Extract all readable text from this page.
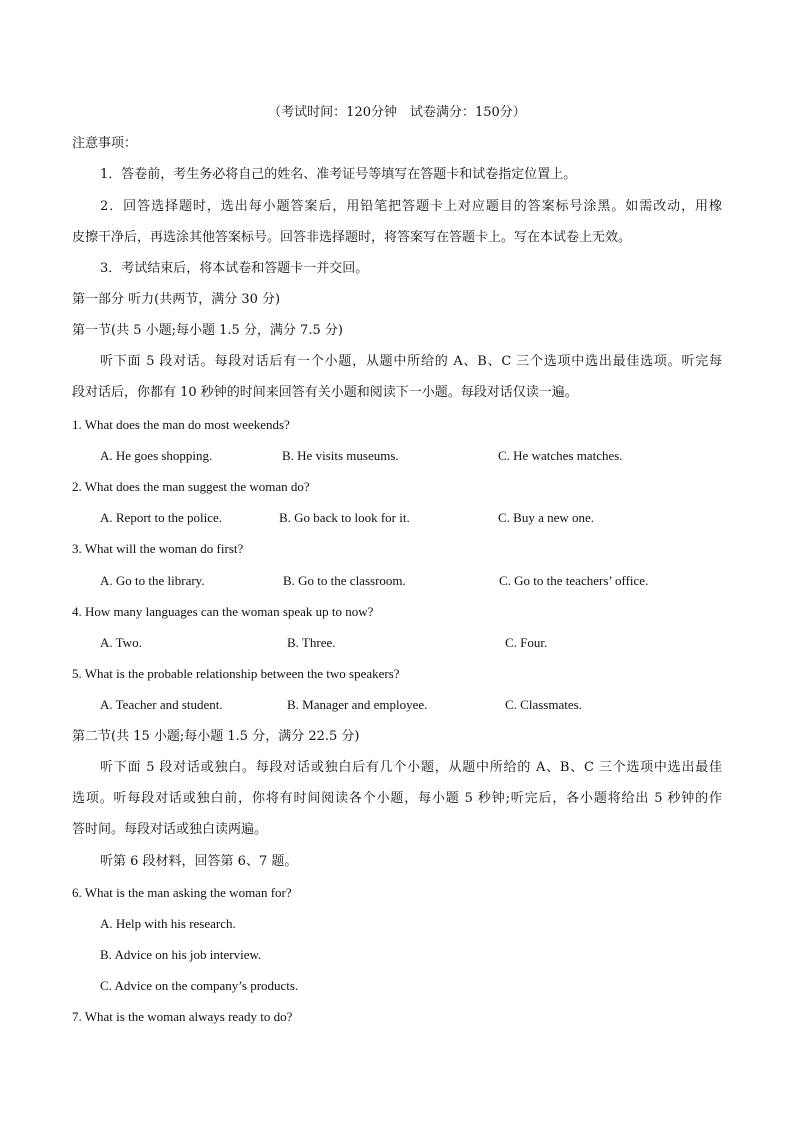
（考试时间：120分钟　试卷满分：150分）
注意事项：
1．答卷前，考生务必将自己的姓名、准考证号等填写在答题卡和试卷指定位置上。
2．回答选择题时，选出每小题答案后，用铅笔把答题卡上对应题目的答案标号涂黑。如需改动，用橡
皮擦干净后，再选涂其他答案标号。回答非选择题时，将答案写在答题卡上。写在本试卷上无效。
3．考试结束后，将本试卷和答题卡一并交回。
第一部分 听力(共两节，满分 30 分)
第一节(共 5 小题;每小题 1.5 分，满分 7.5 分)
听下面 5 段对话。每段对话后有一个小题，从题中所给的 A、B、C 三个选项中选出最佳选项。听完每
段对话后，你都有 10 秒钟的时间来回答有关小题和阅读下一小题。每段对话仅读一遍。
1. What does the man do most weekends?
A. He goes shopping.	B. He visits museums.	C. He watches matches.
2. What does the man suggest the woman do?
A. Report to the police.	B. Go back to look for it.	C. Buy a new one.
3. What will the woman do first?
A. Go to the library.	B. Go to the classroom.	C. Go to the teachers’ office.
4. How many languages can the woman speak up to now?
A. Two.	B. Three.	C. Four.
5. What is the probable relationship between the two speakers?
A. Teacher and student.	B. Manager and employee.	C. Classmates.
第二节(共 15 小题;每小题 1.5 分，满分 22.5 分)
听下面 5 段对话或独白。每段对话或独白后有几个小题，从题中所给的 A、B、C 三个选项中选出最佳
选项。听每段对话或独白前，你将有时间阅读各个小题，每小题 5 秒钟;听完后，各小题将给出 5 秒钟的作
答时间。每段对话或独白读两遍。
听第 6 段材料，回答第 6、7 题。
6. What is the man asking the woman for?
A. Help with his research.
B. Advice on his job interview.
C. Advice on the company’s products.
7. What is the woman always ready to do?
